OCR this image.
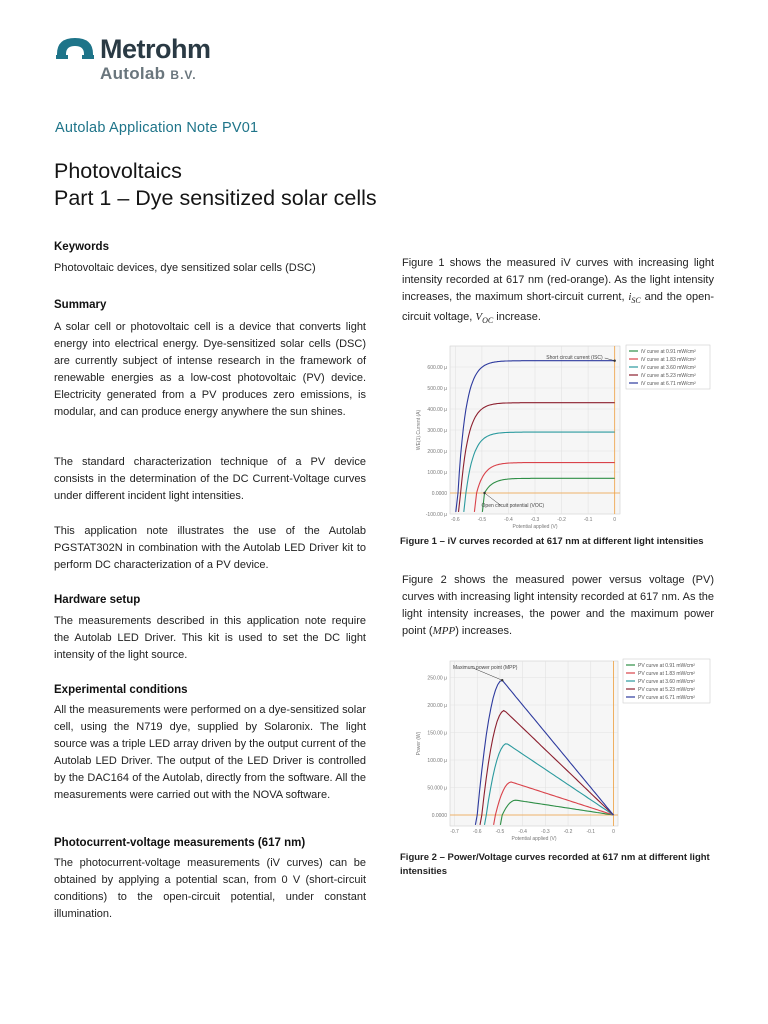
Metrohm
Autolab B.V.
Autolab Application Note PV01
Photovoltaics
Part 1 – Dye sensitized solar cells
Keywords

Photovoltaic devices, dye sensitized solar cells (DSC)

Summary

A solar cell or photovoltaic cell is a device that converts light energy into electrical energy. Dye-sensitized solar cells (DSC) are currently subject of intense research in the framework of renewable energies as a low-cost photovoltaic (PV) device. Electricity generated from a PV produces zero emissions, is modular, and can produce energy anywhere the sun shines.

The standard characterization technique of a PV device consists in the determination of the DC Current-Voltage curves under different incident light intensities.

This application note illustrates the use of the Autolab PGSTAT302N in combination with the Autolab LED Driver kit to perform DC characterization of a PV device.

Hardware setup

The measurements described in this application note require the Autolab LED Driver. This kit is used to set the DC light intensity of the light source.

Experimental conditions

All the measurements were performed on a dye-sensitized solar cell, using the N719 dye, supplied by Solaronix. The light source was a triple LED array driven by the output current of the Autolab LED Driver. The output of the LED Driver is controlled by the DAC164 of the Autolab, directly from the software. All the measurements were carried out with the NOVA software.

Photocurrent-voltage measurements (617 nm)

The photocurrent-voltage measurements (iV curves) can be obtained by applying a potential scan, from 0 V (short-circuit conditions) to the open-circuit potential, under constant illumination.

Figure 1 shows the measured iV curves with increasing light intensity recorded at 617 nm (red-orange). As the light intensity increases, the maximum short-circuit current, $i_{SC}$ and the open-circuit voltage, $V_{OC}$ increase.

-100.00 μ
0.0000
100.00 μ
200.00 μ
300.00 μ
400.00 μ
500.00 μ
600.00 μ
-0.6	-0.5	-0.4	-0.3	-0.2	-0.1	0
Potential applied (V)
WE(1).Current (A)
iV curve at 0.91 mW/cm²
iV curve at 1.83 mW/cm²
iV curve at 3.60 mW/cm²
iV curve at 5.23 mW/cm²
iV curve at 6.71 mW/cm²
Short circuit current (ISC)
Open circuit potential (VOC)
Figure 1 – iV curves recorded at 617 nm at different light intensities

Figure 2 shows the measured power versus voltage (PV) curves with increasing light intensity recorded at 617 nm. As the light intensity increases, the power and the maximum power point (MPP) increases.

0.0000
50.000 μ
100.00 μ
150.00 μ
200.00 μ
250.00 μ
-0.7	-0.6	-0.5	-0.4	-0.3	-0.2	-0.1	0
Potential applied (V)
Power (W)
PV curve at 0.91 mW/cm²
PV curve at 1.83 mW/cm²
PV curve at 3.60 mW/cm²
PV curve at 5.23 mW/cm²
PV curve at 6.71 mW/cm²
Maximum power point (MPP)
Figure 2 – Power/Voltage curves recorded at 617 nm at different light intensities
